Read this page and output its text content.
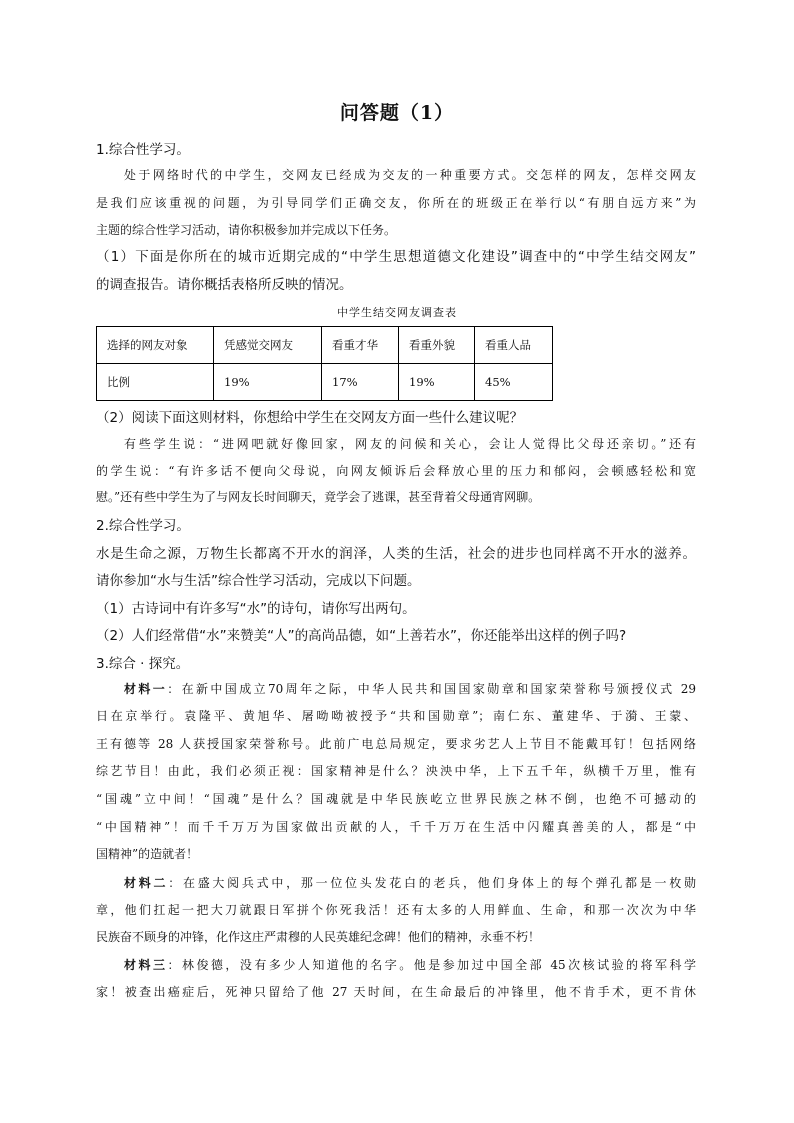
问答题（1）
1.综合性学习。
处于网络时代的中学生，交网友已经成为交友的一种重要方式。交怎样的网友，怎样交网友
是我们应该重视的问题，为引导同学们正确交友，你所在的班级正在举行以“有朋自远方来”为
主题的综合性学习活动，请你积极参加并完成以下任务。
（1）下面是你所在的城市近期完成的“中学生思想道德文化建设”调查中的“中学生结交网友”
的调查报告。请你概括表格所反映的情况。
中学生结交网友调查表
选择的网友对象	凭感觉交网友	看重才华	看重外貌	看重人品
比例	19%	17%	19%	45%
（2）阅读下面这则材料，你想给中学生在交网友方面一些什么建议呢？
有些学生说：“进网吧就好像回家，网友的问候和关心，会让人觉得比父母还亲切。”还有
的学生说：“有许多话不便向父母说，向网友倾诉后会释放心里的压力和郁闷，会顿感轻松和宽
慰。”还有些中学生为了与网友长时间聊天，竟学会了逃课，甚至背着父母通宵网聊。
2.综合性学习。
水是生命之源，万物生长都离不开水的润泽，人类的生活，社会的进步也同样离不开水的滋养。
请你参加“水与生活”综合性学习活动，完成以下问题。
（1）古诗词中有许多写“水”的诗句，请你写出两句。
（2）人们经常借“水”来赞美“人”的高尚品德，如“上善若水”，你还能举出这样的例子吗?
3.综合 · 探究。
材料一：在新中国成立70周年之际，中华人民共和国国家勋章和国家荣誉称号颁授仪式 29
日在京举行。袁隆平、黄旭华、屠呦呦被授予“共和国勋章”；南仁东、董建华、于漪、王蒙、
王有德等 28 人获授国家荣誉称号。此前广电总局规定，要求劣艺人上节目不能戴耳钉！包括网络
综艺节目！由此，我们必须正视：国家精神是什么？泱泱中华，上下五千年，纵横千万里，惟有
“国魂”立中间！“国魂”是什么？国魂就是中华民族屹立世界民族之林不倒，也绝不可撼动的
“中国精神”！而千千万万为国家做出贡献的人，千千万万在生活中闪耀真善美的人，都是“中
国精神”的造就者！
材料二：在盛大阅兵式中，那一位位头发花白的老兵，他们身体上的每个弹孔都是一枚勋
章，他们扛起一把大刀就跟日军拼个你死我活！还有太多的人用鲜血、生命，和那一次次为中华
民族奋不顾身的冲锋，化作这庄严肃穆的人民英雄纪念碑！他们的精神，永垂不朽！
材料三：林俊德，没有多少人知道他的名字。他是参加过中国全部 45次核试验的将军科学
家！被查出癌症后，死神只留给了他 27 天时间，在生命最后的冲锋里，他不肯手术，更不肯休
